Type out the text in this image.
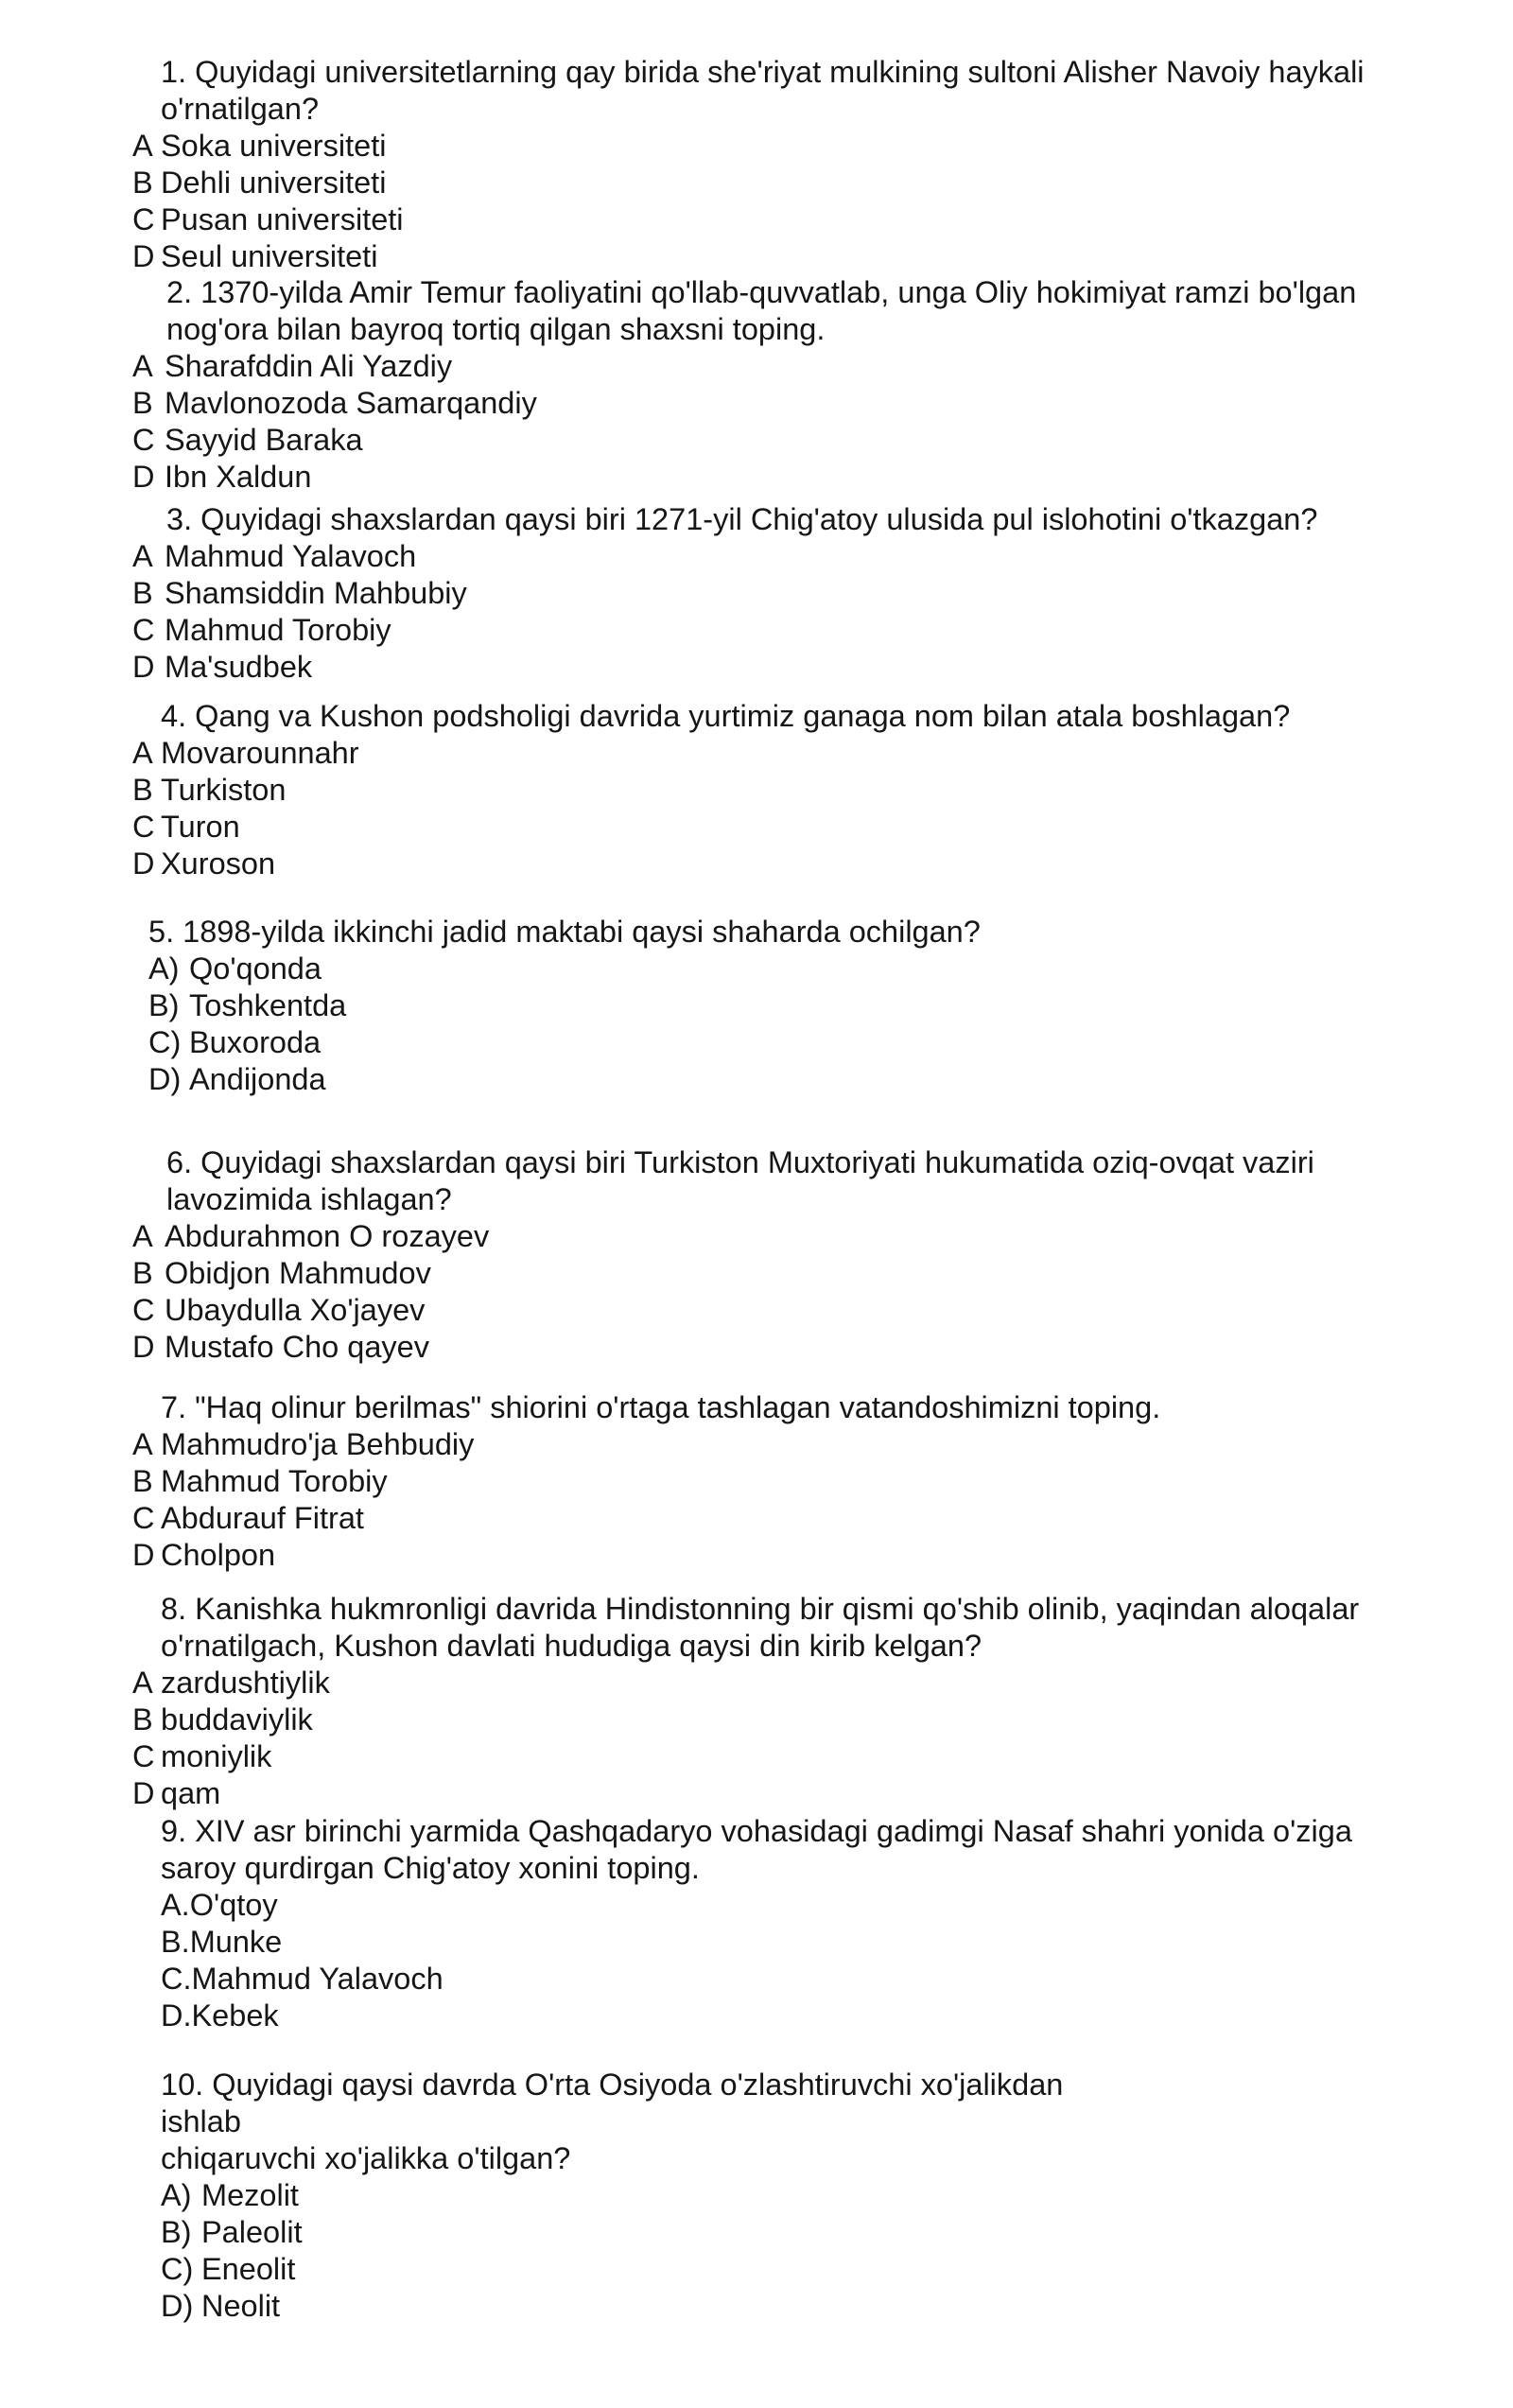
1. Quyidagi universitetlarning qay birida she'riyat mulkining sultoni Alisher Navoiy haykali
o'rnatilgan?

A Soka universiteti
B Dehli universiteti
C Pusan universiteti
D Seul universiteti

2. 1370-yilda Amir Temur faoliyatini qo'llab-quvvatlab, unga Oliy hokimiyat ramzi bo'lgan
nog'ora bilan bayroq tortiq qilgan shaxsni toping.

A Sharafddin Ali Yazdiy
B Mavlonozoda Samarqandiy
C Sayyid Baraka
D Ibn Xaldun

3. Quyidagi shaxslardan qaysi biri 1271-yil Chig'atoy ulusida pul islohotini o'tkazgan?

A Mahmud Yalavoch
B Shamsiddin Mahbubiy
C Mahmud Torobiy
D Ma'sudbek

4. Qang va Kushon podsholigi davrida yurtimiz ganaga nom bilan atala boshlagan?

A Movarounnahr
B Turkiston
C Turon
D Xuroson

5. 1898-yilda ikkinchi jadid maktabi qaysi shaharda ochilgan?

A) Qo'qonda
B) Toshkentda
C) Buxoroda
D) Andijonda

6. Quyidagi shaxslardan qaysi biri Turkiston Muxtoriyati hukumatida oziq-ovqat vaziri
lavozimida ishlagan?

A Abdurahmon O rozayev
B Obidjon Mahmudov
C Ubaydulla Xo'jayev
D Mustafo Cho qayev

7. "Haq olinur berilmas" shiorini o'rtaga tashlagan vatandoshimizni toping.

A Mahmudro'ja Behbudiy
B Mahmud Torobiy
C Abdurauf Fitrat
D Cholpon

8. Kanishka hukmronligi davrida Hindistonning bir qismi qo'shib olinib, yaqindan aloqalar
o'rnatilgach, Kushon davlati hududiga qaysi din kirib kelgan?

A zardushtiylik
B buddaviylik
C moniylik
D qam

9. XIV asr birinchi yarmida Qashqadaryo vohasidagi gadimgi Nasaf shahri yonida o'ziga
saroy qurdirgan Chig'atoy xonini toping.

A.O'qtoy
B.Munke
C.Mahmud Yalavoch
D.Kebek

10. Quyidagi qaysi davrda O'rta Osiyoda o'zlashtiruvchi xo'jalikdan
ishlab
chiqaruvchi xo'jalikka o'tilgan?

A) Mezolit
B) Paleolit
C) Eneolit
D) Neolit
